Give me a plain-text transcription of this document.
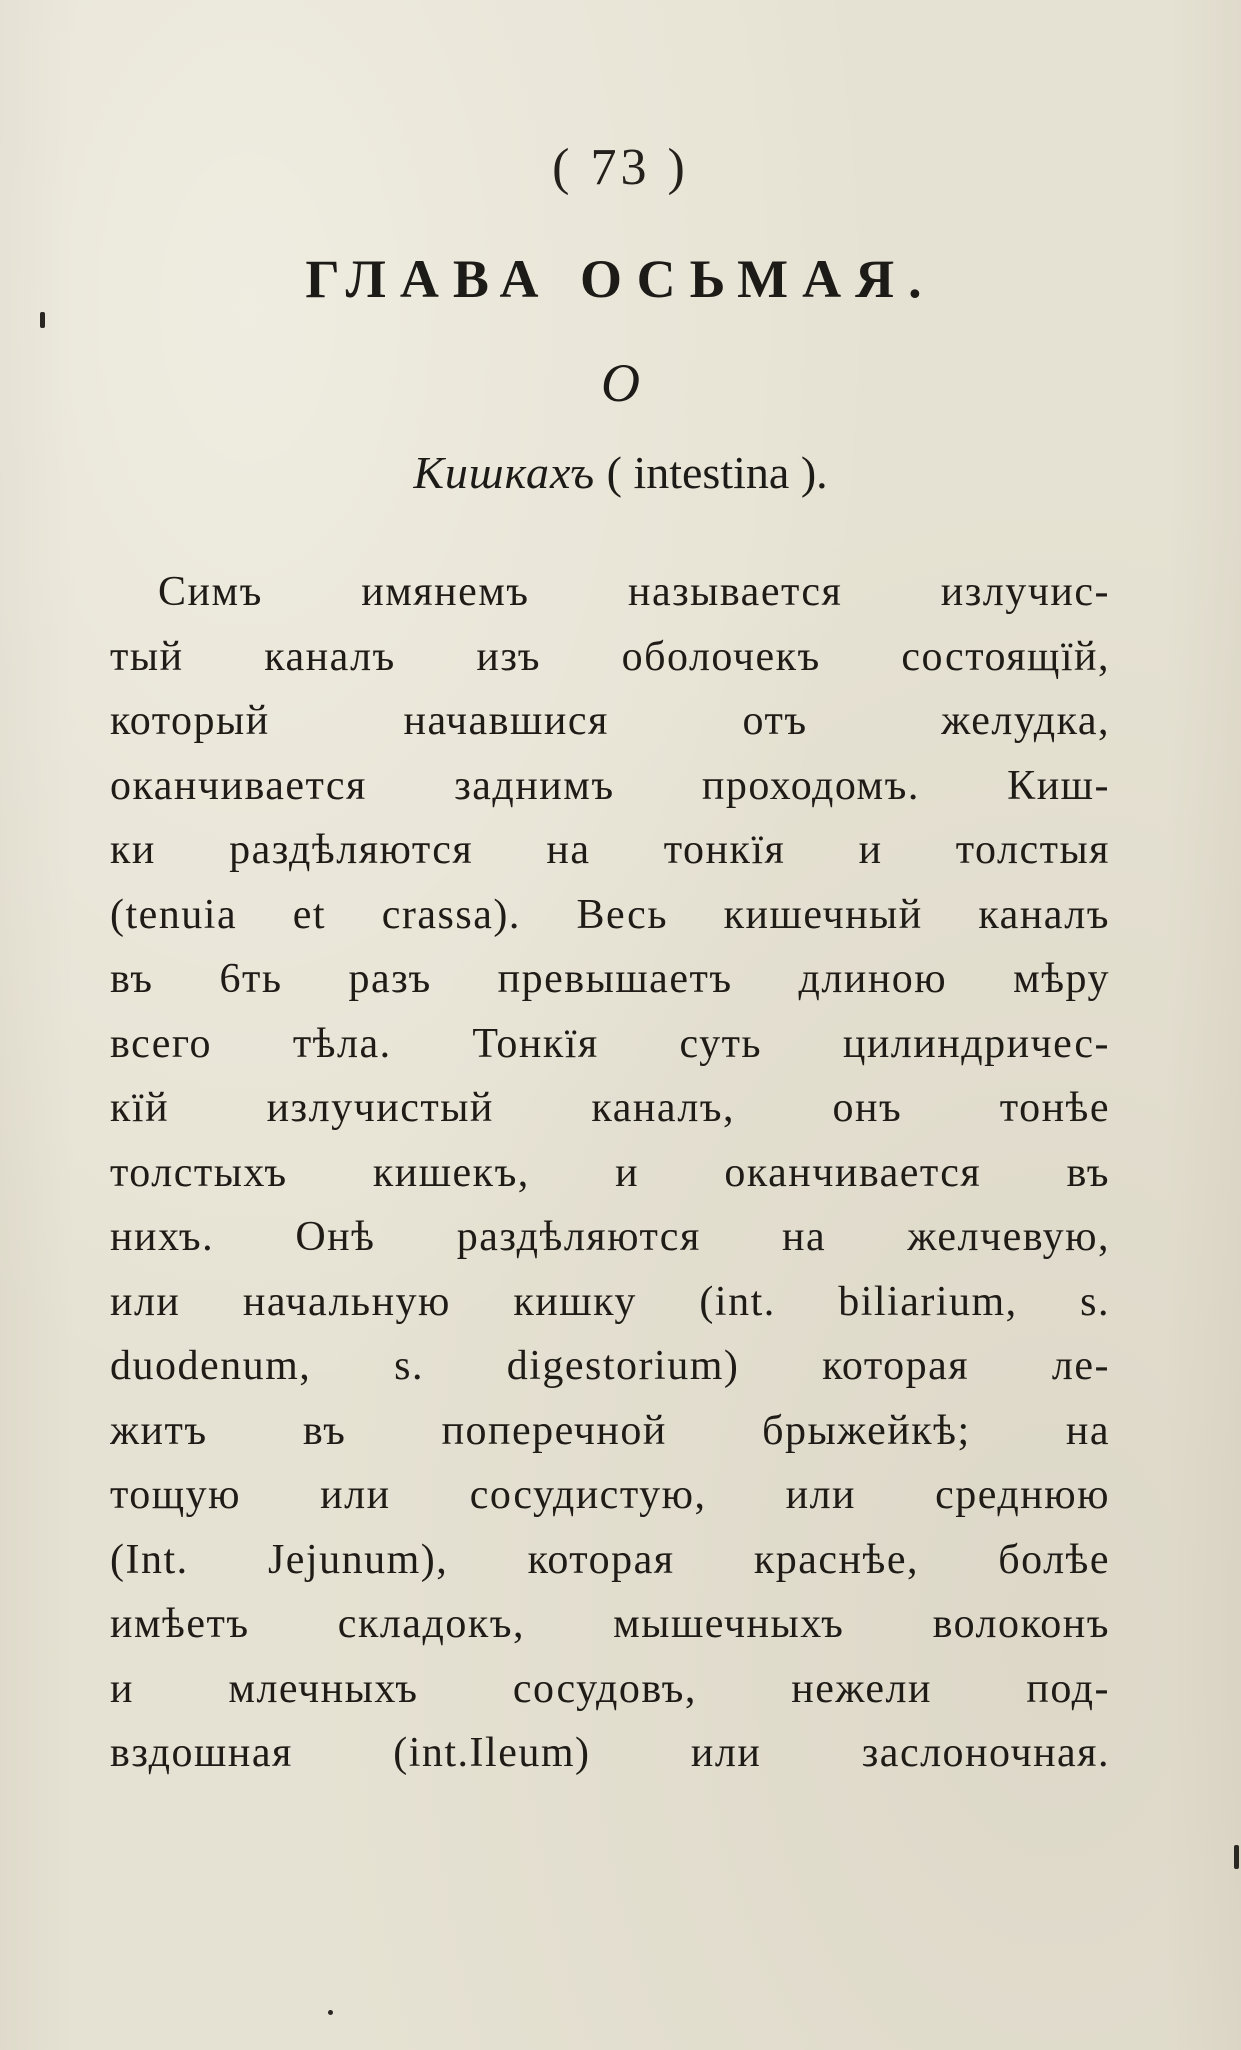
( 73 )
ГЛАВА ОСЬМАЯ.
О
Кишкахъ ( intestina ).
Симъ имянемъ называется излучис-
тый каналъ изъ оболочекъ состоящїй,
который начавшися отъ желудка,
оканчивается заднимъ проходомъ. Киш-
ки раздѣляются на тонкїя и толстыя
(tenuia et crassa). Весь кишечный каналъ
въ 6ть разъ превышаетъ длиною мѣру
всего тѣла. Тонкїя суть цилиндричес-
кїй излучистый каналъ, онъ тонѣе
толстыхъ кишекъ, и оканчивается въ
нихъ. Онѣ раздѣляются на желчевую,
или начальную кишку (int. biliarium, s.
duodenum, s. digestorium) которая ле-
житъ въ поперечной брыжейкѣ; на
тощую или сосудистую, или среднюю
(Int. Jejunum), которая краснѣе, болѣе
имѣетъ складокъ, мышечныхъ волоконъ
и млечныхъ сосудовъ, нежели под-
вздошная (int.Ileum) или заслоночная.
